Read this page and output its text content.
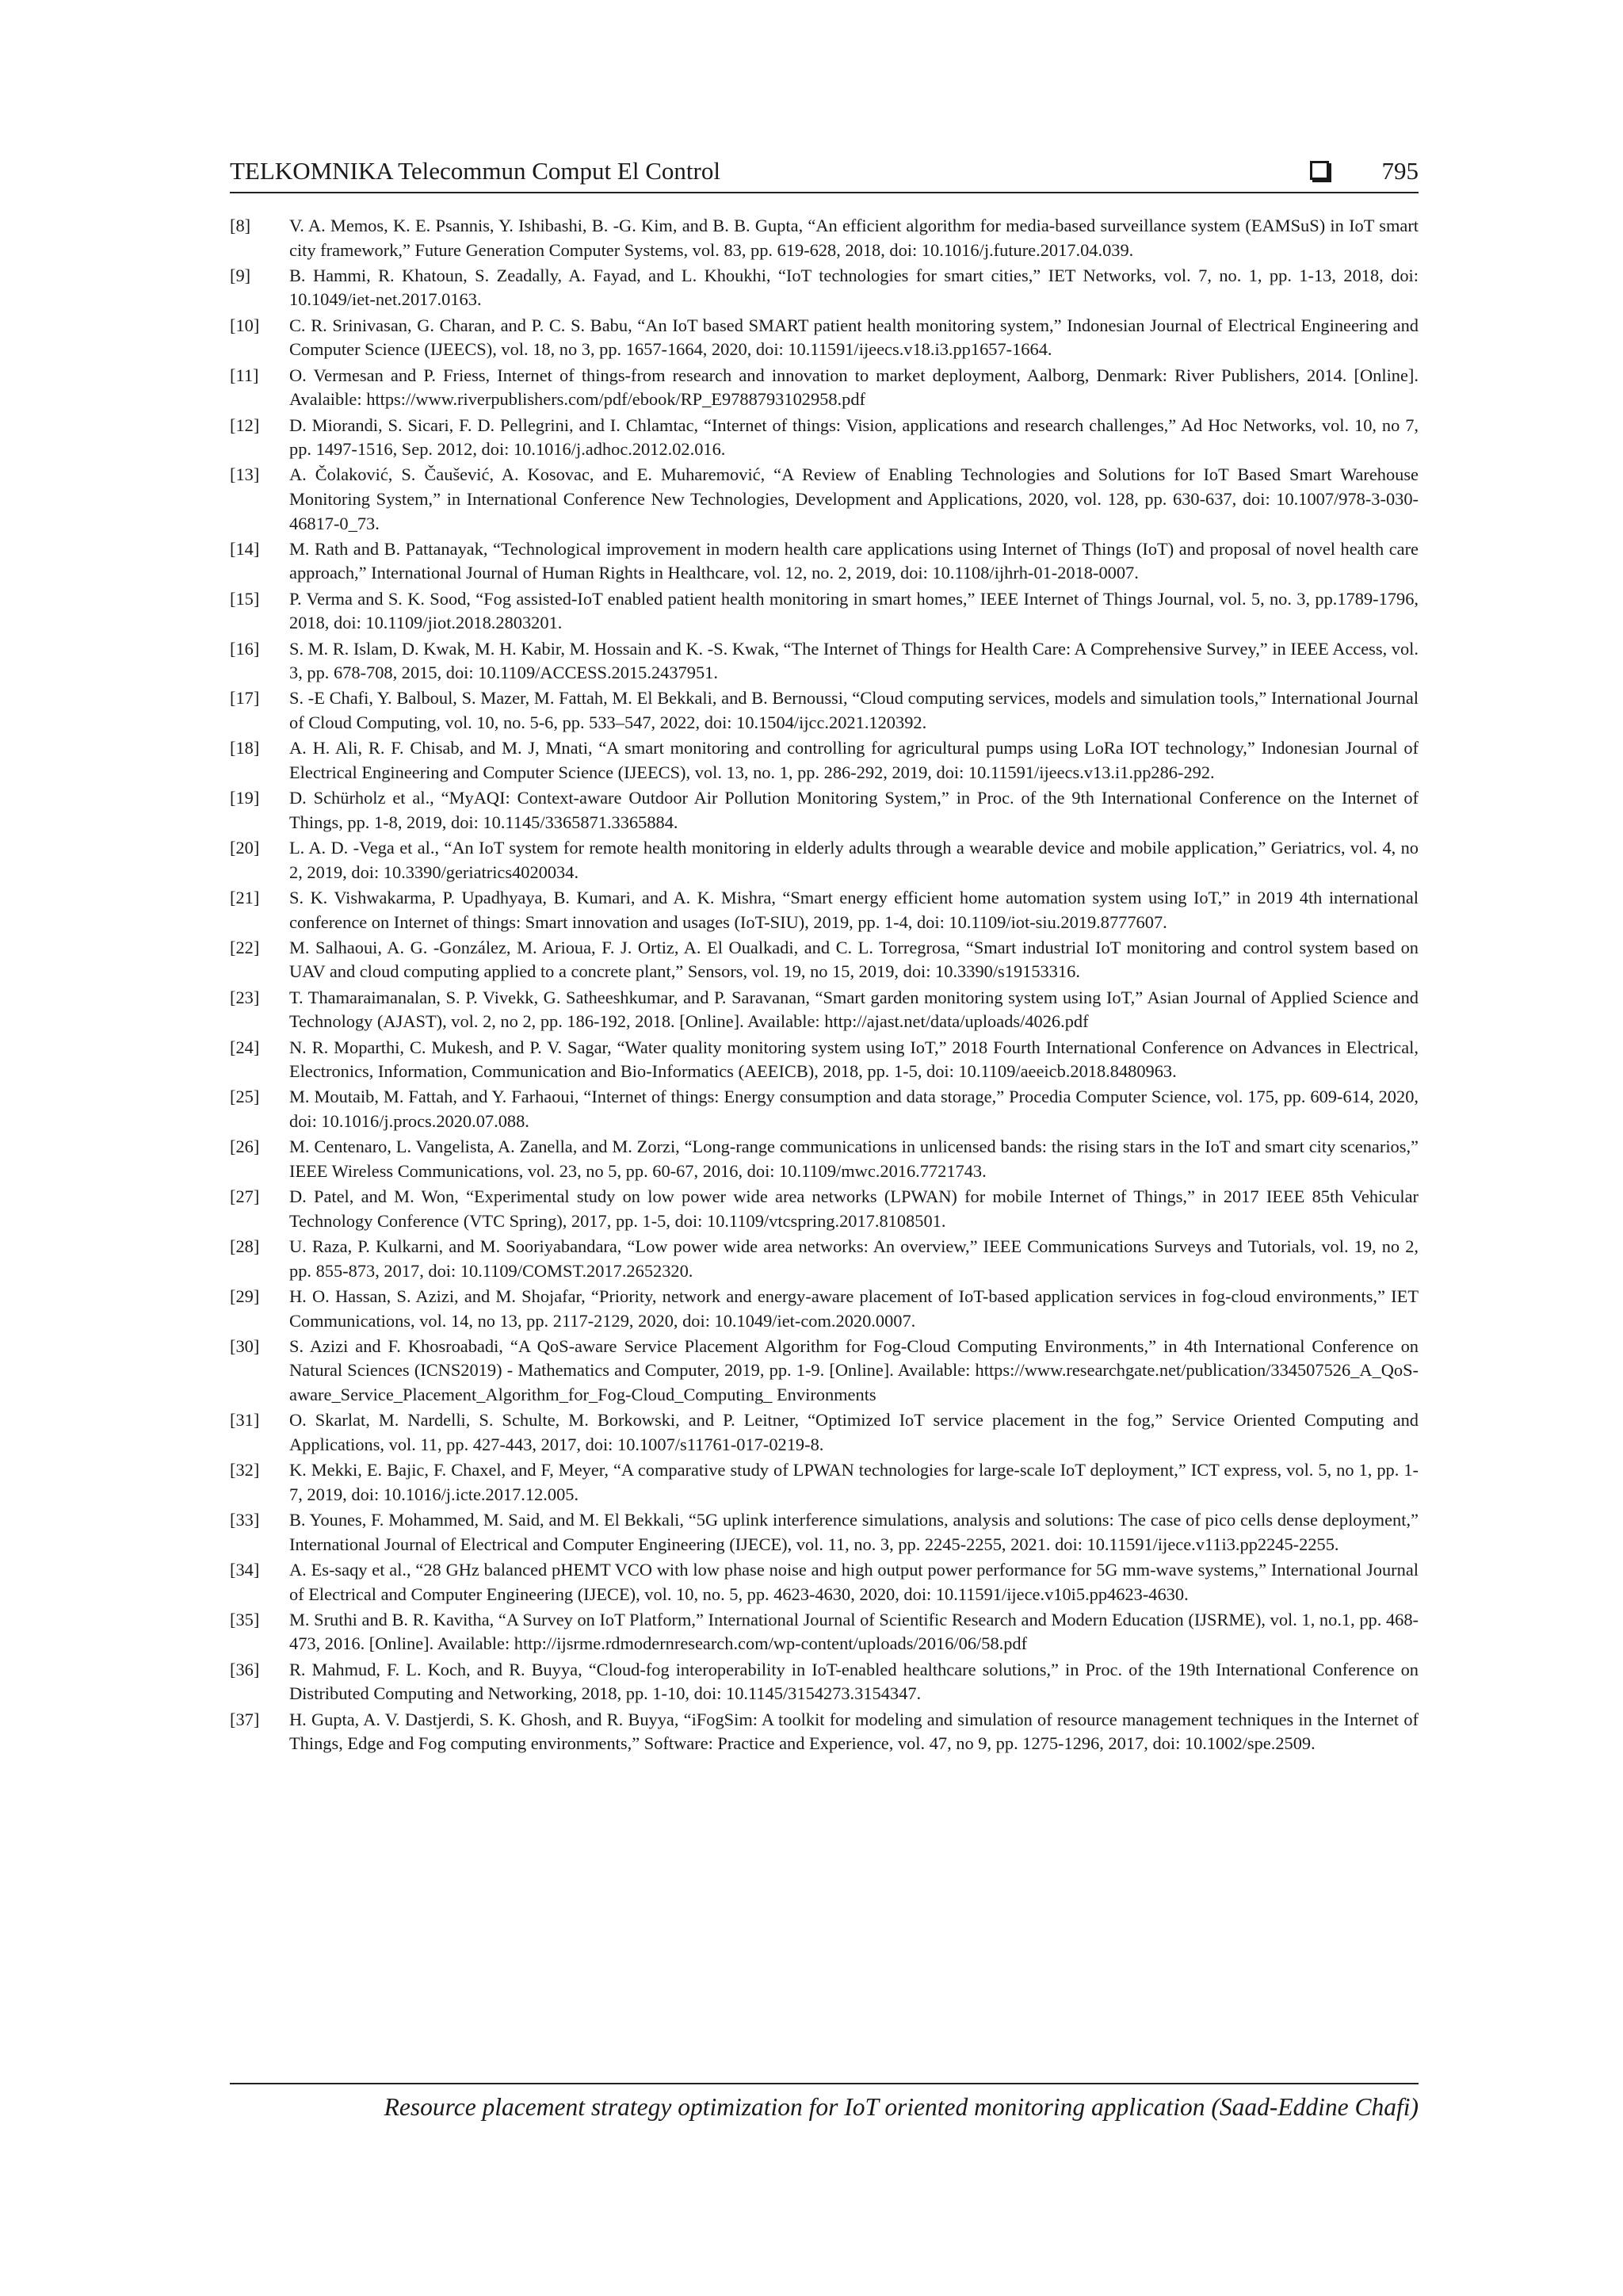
TELKOMNIKA Telecommun Comput El Control	795
[8]	V. A. Memos, K. E. Psannis, Y. Ishibashi, B. -G. Kim, and B. B. Gupta, “An efficient algorithm for media-based surveillance system (EAMSuS) in IoT smart city framework,” Future Generation Computer Systems, vol. 83, pp. 619-628, 2018, doi: 10.1016/j.future.2017.04.039.
[9]	B. Hammi, R. Khatoun, S. Zeadally, A. Fayad, and L. Khoukhi, “IoT technologies for smart cities,” IET Networks, vol. 7, no. 1, pp. 1-13, 2018, doi: 10.1049/iet-net.2017.0163.
[10]	C. R. Srinivasan, G. Charan, and P. C. S. Babu, “An IoT based SMART patient health monitoring system,” Indonesian Journal of Electrical Engineering and Computer Science (IJEECS), vol. 18, no 3, pp. 1657-1664, 2020, doi: 10.11591/ijeecs.v18.i3.pp1657-1664.
[11]	O. Vermesan and P. Friess, Internet of things-from research and innovation to market deployment, Aalborg, Denmark: River Publishers, 2014. [Online]. Avalaible: https://www.riverpublishers.com/pdf/ebook/RP_E9788793102958.pdf
[12]	D. Miorandi, S. Sicari, F. D. Pellegrini, and I. Chlamtac, “Internet of things: Vision, applications and research challenges,” Ad Hoc Networks, vol. 10, no 7, pp. 1497-1516, Sep. 2012, doi: 10.1016/j.adhoc.2012.02.016.
[13]	A. Čolaković, S. Čaušević, A. Kosovac, and E. Muharemović, “A Review of Enabling Technologies and Solutions for IoT Based Smart Warehouse Monitoring System,” in International Conference New Technologies, Development and Applications, 2020, vol. 128, pp. 630-637, doi: 10.1007/978-3-030-46817-0_73.
[14]	M. Rath and B. Pattanayak, “Technological improvement in modern health care applications using Internet of Things (IoT) and proposal of novel health care approach,” International Journal of Human Rights in Healthcare, vol. 12, no. 2, 2019, doi: 10.1108/ijhrh-01-2018-0007.
[15]	P. Verma and S. K. Sood, “Fog assisted-IoT enabled patient health monitoring in smart homes,” IEEE Internet of Things Journal, vol. 5, no. 3, pp.1789-1796, 2018, doi: 10.1109/jiot.2018.2803201.
[16]	S. M. R. Islam, D. Kwak, M. H. Kabir, M. Hossain and K. -S. Kwak, “The Internet of Things for Health Care: A Comprehensive Survey,” in IEEE Access, vol. 3, pp. 678-708, 2015, doi: 10.1109/ACCESS.2015.2437951.
[17]	S. -E Chafi, Y. Balboul, S. Mazer, M. Fattah, M. El Bekkali, and B. Bernoussi, “Cloud computing services, models and simulation tools,” International Journal of Cloud Computing, vol. 10, no. 5-6, pp. 533–547, 2022, doi: 10.1504/ijcc.2021.120392.
[18]	A. H. Ali, R. F. Chisab, and M. J, Mnati, “A smart monitoring and controlling for agricultural pumps using LoRa IOT technology,” Indonesian Journal of Electrical Engineering and Computer Science (IJEECS), vol. 13, no. 1, pp. 286-292, 2019, doi: 10.11591/ijeecs.v13.i1.pp286-292.
[19]	D. Schürholz et al., “MyAQI: Context-aware Outdoor Air Pollution Monitoring System,” in Proc. of the 9th International Conference on the Internet of Things, pp. 1-8, 2019, doi: 10.1145/3365871.3365884.
[20]	L. A. D. -Vega et al., “An IoT system for remote health monitoring in elderly adults through a wearable device and mobile application,” Geriatrics, vol. 4, no 2, 2019, doi: 10.3390/geriatrics4020034.
[21]	S. K. Vishwakarma, P. Upadhyaya, B. Kumari, and A. K. Mishra, “Smart energy efficient home automation system using IoT,” in 2019 4th international conference on Internet of things: Smart innovation and usages (IoT-SIU), 2019, pp. 1-4, doi: 10.1109/iot-siu.2019.8777607.
[22]	M. Salhaoui, A. G. -González, M. Arioua, F. J. Ortiz, A. El Oualkadi, and C. L. Torregrosa, “Smart industrial IoT monitoring and control system based on UAV and cloud computing applied to a concrete plant,” Sensors, vol. 19, no 15, 2019, doi: 10.3390/s19153316.
[23]	T. Thamaraimanalan, S. P. Vivekk, G. Satheeshkumar, and P. Saravanan, “Smart garden monitoring system using IoT,” Asian Journal of Applied Science and Technology (AJAST), vol. 2, no 2, pp. 186-192, 2018. [Online]. Available: http://ajast.net/data/uploads/4026.pdf
[24]	N. R. Moparthi, C. Mukesh, and P. V. Sagar, “Water quality monitoring system using IoT,” 2018 Fourth International Conference on Advances in Electrical, Electronics, Information, Communication and Bio-Informatics (AEEICB), 2018, pp. 1-5, doi: 10.1109/aeeicb.2018.8480963.
[25]	M. Moutaib, M. Fattah, and Y. Farhaoui, “Internet of things: Energy consumption and data storage,” Procedia Computer Science, vol. 175, pp. 609-614, 2020, doi: 10.1016/j.procs.2020.07.088.
[26]	M. Centenaro, L. Vangelista, A. Zanella, and M. Zorzi, “Long-range communications in unlicensed bands: the rising stars in the IoT and smart city scenarios,” IEEE Wireless Communications, vol. 23, no 5, pp. 60-67, 2016, doi: 10.1109/mwc.2016.7721743.
[27]	D. Patel, and M. Won, “Experimental study on low power wide area networks (LPWAN) for mobile Internet of Things,” in 2017 IEEE 85th Vehicular Technology Conference (VTC Spring), 2017, pp. 1-5, doi: 10.1109/vtcspring.2017.8108501.
[28]	U. Raza, P. Kulkarni, and M. Sooriyabandara, “Low power wide area networks: An overview,” IEEE Communications Surveys and Tutorials, vol. 19, no 2, pp. 855-873, 2017, doi: 10.1109/COMST.2017.2652320.
[29]	H. O. Hassan, S. Azizi, and M. Shojafar, “Priority, network and energy-aware placement of IoT-based application services in fog-cloud environments,” IET Communications, vol. 14, no 13, pp. 2117-2129, 2020, doi: 10.1049/iet-com.2020.0007.
[30]	S. Azizi and F. Khosroabadi, “A QoS-aware Service Placement Algorithm for Fog-Cloud Computing Environments,” in 4th International Conference on Natural Sciences (ICNS2019) - Mathematics and Computer, 2019, pp. 1-9. [Online]. Available: https://www.researchgate.net/publication/334507526_A_QoS-aware_Service_Placement_Algorithm_for_Fog-Cloud_Computing_ Environments
[31]	O. Skarlat, M. Nardelli, S. Schulte, M. Borkowski, and P. Leitner, “Optimized IoT service placement in the fog,” Service Oriented Computing and Applications, vol. 11, pp. 427-443, 2017, doi: 10.1007/s11761-017-0219-8.
[32]	K. Mekki, E. Bajic, F. Chaxel, and F, Meyer, “A comparative study of LPWAN technologies for large-scale IoT deployment,” ICT express, vol. 5, no 1, pp. 1-7, 2019, doi: 10.1016/j.icte.2017.12.005.
[33]	B. Younes, F. Mohammed, M. Said, and M. El Bekkali, “5G uplink interference simulations, analysis and solutions: The case of pico cells dense deployment,” International Journal of Electrical and Computer Engineering (IJECE), vol. 11, no. 3, pp. 2245-2255, 2021. doi: 10.11591/ijece.v11i3.pp2245-2255.
[34]	A. Es-saqy et al., “28 GHz balanced pHEMT VCO with low phase noise and high output power performance for 5G mm-wave systems,” International Journal of Electrical and Computer Engineering (IJECE), vol. 10, no. 5, pp. 4623-4630, 2020, doi: 10.11591/ijece.v10i5.pp4623-4630.
[35]	M. Sruthi and B. R. Kavitha, “A Survey on IoT Platform,” International Journal of Scientific Research and Modern Education (IJSRME), vol. 1, no.1, pp. 468-473, 2016. [Online]. Available: http://ijsrme.rdmodernresearch.com/wp-content/uploads/2016/06/58.pdf
[36]	R. Mahmud, F. L. Koch, and R. Buyya, “Cloud-fog interoperability in IoT-enabled healthcare solutions,” in Proc. of the 19th International Conference on Distributed Computing and Networking, 2018, pp. 1-10, doi: 10.1145/3154273.3154347.
[37]	H. Gupta, A. V. Dastjerdi, S. K. Ghosh, and R. Buyya, “iFogSim: A toolkit for modeling and simulation of resource management techniques in the Internet of Things, Edge and Fog computing environments,” Software: Practice and Experience, vol. 47, no 9, pp. 1275-1296, 2017, doi: 10.1002/spe.2509.
Resource placement strategy optimization for IoT oriented monitoring application (Saad-Eddine Chafi)
